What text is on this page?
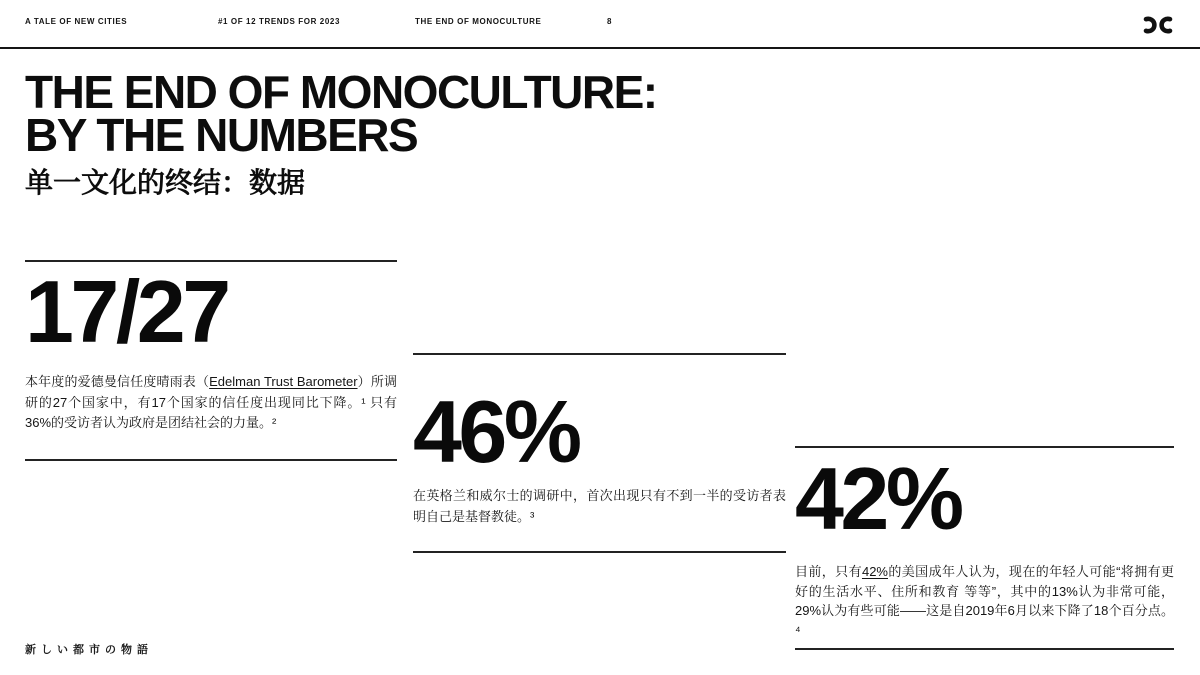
A TALE OF NEW CITIES	#1 OF 12 TRENDS FOR 2023	THE END OF MONOCULTURE	8
THE END OF MONOCULTURE:
BY THE NUMBERS
单一文化的终结：数据
17/27
本年度的爱德曼信任度晴雨表（Edelman Trust Barometer）所调研的27个国家中，有17个国家的信任度出现同比下降。¹ 只有36%的受访者认为政府是团结社会的力量。²	46%
在英格兰和威尔士的调研中，首次出现只有不到一半的受访者表明自己是基督教徒。³	42%
目前，只有42%的美国成年人认为，现在的年轻人可能“将拥有更好的生活水平、住所和教育 等等”，其中的13%认为非常可能，29%认为有些可能——这是自2019年6月以来下降了18个百分点。⁴
新しい都市の物語
